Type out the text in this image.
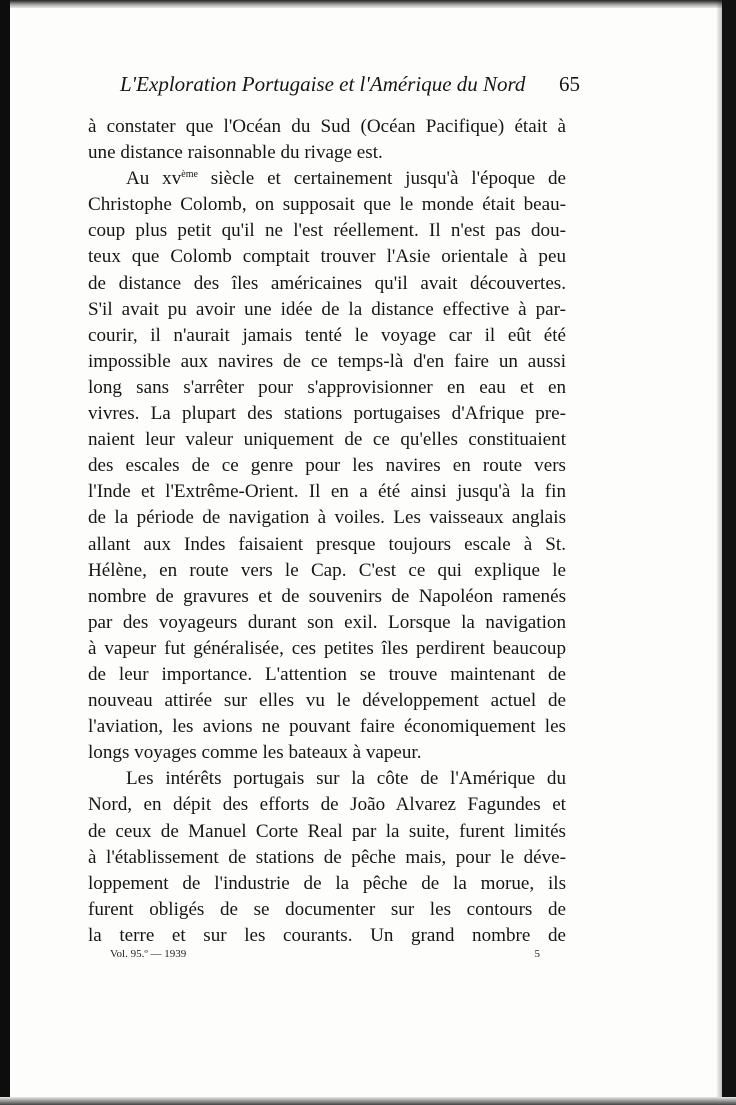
L'Exploration Portugaise et l'Amérique du Nord 65
à constater que l'Océan du Sud (Océan Pacifique) était à
une distance raisonnable du rivage est.
Au $xv^{ème}$ siècle et certainement jusqu'à l'époque de
Christophe Colomb, on supposait que le monde était beau-
coup plus petit qu'il ne l'est réellement. Il n'est pas dou-
teux que Colomb comptait trouver l'Asie orientale à peu
de distance des îles américaines qu'il avait découvertes.
S'il avait pu avoir une idée de la distance effective à par-
courir, il n'aurait jamais tenté le voyage car il eût été
impossible aux navires de ce temps-là d'en faire un aussi
long sans s'arrêter pour s'approvisionner en eau et en
vivres. La plupart des stations portugaises d'Afrique pre-
naient leur valeur uniquement de ce qu'elles constituaient
des escales de ce genre pour les navires en route vers
l'Inde et l'Extrême-Orient. Il en a été ainsi jusqu'à la fin
de la période de navigation à voiles. Les vaisseaux anglais
allant aux Indes faisaient presque toujours escale à St.
Hélène, en route vers le Cap. C'est ce qui explique le
nombre de gravures et de souvenirs de Napoléon ramenés
par des voyageurs durant son exil. Lorsque la navigation
à vapeur fut généralisée, ces petites îles perdirent beaucoup
de leur importance. L'attention se trouve maintenant de
nouveau attirée sur elles vu le développement actuel de
l'aviation, les avions ne pouvant faire économiquement les
longs voyages comme les bateaux à vapeur.
Les intérêts portugais sur la côte de l'Amérique du
Nord, en dépit des efforts de João Alvarez Fagundes et
de ceux de Manuel Corte Real par la suite, furent limités
à l'établissement de stations de pêche mais, pour le déve-
loppement de l'industrie de la pêche de la morue, ils
furent obligés de se documenter sur les contours de
la terre et sur les courants. Un grand nombre de
Vol. 95.º — 1939	5
